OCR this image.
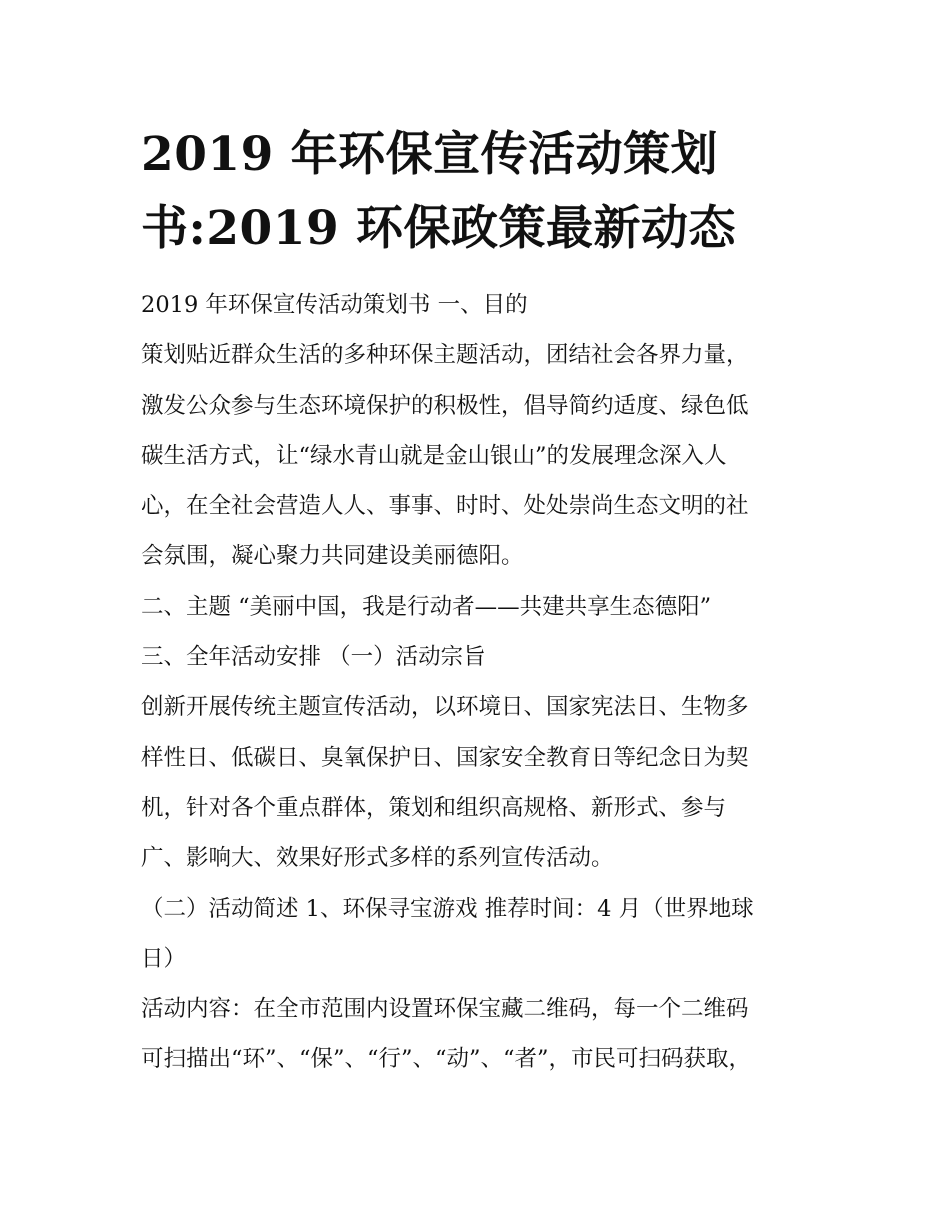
2019 年环保宣传活动策划
书:2019 环保政策最新动态
2019 年环保宣传活动策划书 一、目的
策划贴近群众生活的多种环保主题活动，团结社会各界力量，
激发公众参与生态环境保护的积极性，倡导简约适度、绿色低
碳生活方式，让“绿水青山就是金山银山”的发展理念深入人
心，在全社会营造人人、事事、时时、处处崇尚生态文明的社
会氛围，凝心聚力共同建设美丽德阳。
二、主题 “美丽中国，我是行动者——共建共享生态德阳”
三、全年活动安排 （一）活动宗旨
创新开展传统主题宣传活动，以环境日、国家宪法日、生物多
样性日、低碳日、臭氧保护日、国家安全教育日等纪念日为契
机，针对各个重点群体，策划和组织高规格、新形式、参与
广、影响大、效果好形式多样的系列宣传活动。
（二）活动简述 1、环保寻宝游戏 推荐时间：4 月（世界地球
日）
活动内容：在全市范围内设置环保宝藏二维码，每一个二维码
可扫描出“环”、“保”、“行”、“动”、“者”，市民可扫码获取，
